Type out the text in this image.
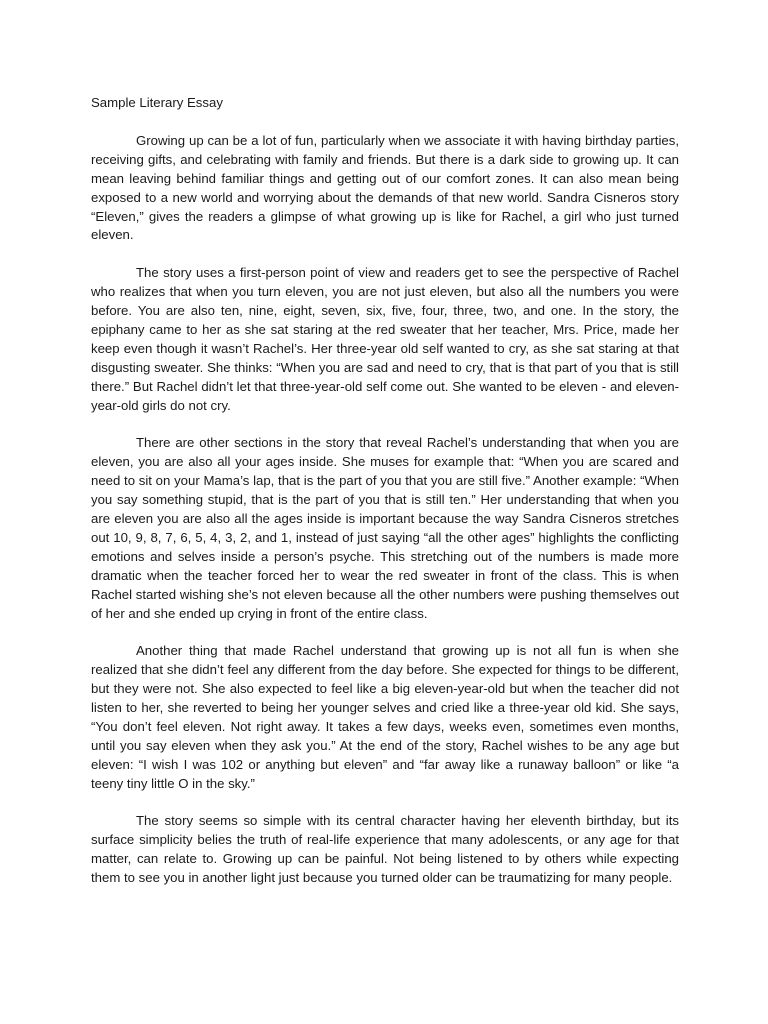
Sample Literary Essay

Growing up can be a lot of fun, particularly when we associate it with having birthday parties, receiving gifts, and celebrating with family and friends. But there is a dark side to growing up. It can mean leaving behind familiar things and getting out of our comfort zones. It can also mean being exposed to a new world and worrying about the demands of that new world. Sandra Cisneros story “Eleven,” gives the readers a glimpse of what growing up is like for Rachel, a girl who just turned eleven.

The story uses a first-person point of view and readers get to see the perspective of Rachel who realizes that when you turn eleven, you are not just eleven, but also all the numbers you were before. You are also ten, nine, eight, seven, six, five, four, three, two, and one. In the story, the epiphany came to her as she sat staring at the red sweater that her teacher, Mrs. Price, made her keep even though it wasn’t Rachel’s. Her three-year old self wanted to cry, as she sat staring at that disgusting sweater. She thinks: “When you are sad and need to cry, that is that part of you that is still there.” But Rachel didn’t let that three-year-old self come out. She wanted to be eleven - and eleven-year-old girls do not cry.

There are other sections in the story that reveal Rachel’s understanding that when you are eleven, you are also all your ages inside. She muses for example that: “When you are scared and need to sit on your Mama’s lap, that is the part of you that you are still five.” Another example: “When you say something stupid, that is the part of you that is still ten.” Her understanding that when you are eleven you are also all the ages inside is important because the way Sandra Cisneros stretches out 10, 9, 8, 7, 6, 5, 4, 3, 2, and 1, instead of just saying “all the other ages” highlights the conflicting emotions and selves inside a person’s psyche. This stretching out of the numbers is made more dramatic when the teacher forced her to wear the red sweater in front of the class. This is when Rachel started wishing she’s not eleven because all the other numbers were pushing themselves out of her and she ended up crying in front of the entire class.

Another thing that made Rachel understand that growing up is not all fun is when she realized that she didn’t feel any different from the day before. She expected for things to be different, but they were not. She also expected to feel like a big eleven-year-old but when the teacher did not listen to her, she reverted to being her younger selves and cried like a three-year old kid. She says, “You don’t feel eleven. Not right away. It takes a few days, weeks even, sometimes even months, until you say eleven when they ask you.” At the end of the story, Rachel wishes to be any age but eleven: “I wish I was 102 or anything but eleven” and “far away like a runaway balloon” or like “a teeny tiny little O in the sky.”

The story seems so simple with its central character having her eleventh birthday, but its surface simplicity belies the truth of real-life experience that many adolescents, or any age for that matter, can relate to. Growing up can be painful. Not being listened to by others while expecting them to see you in another light just because you turned older can be traumatizing for many people.
